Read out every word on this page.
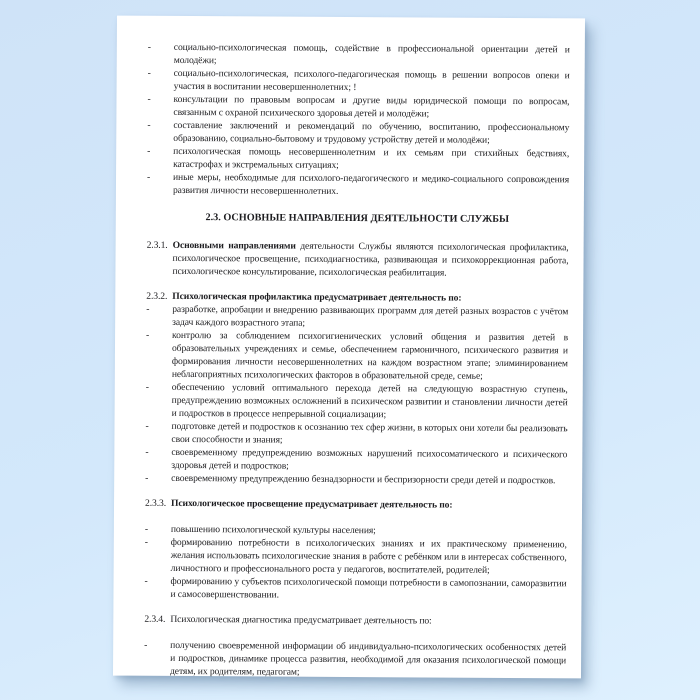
- социально-психологическая помощь, содействие в профессиональной ориентации детей и молодёжи;
- социально-психологическая, психолого-педагогическая помощь в решении вопросов опеки и участия в воспитании несовершеннолетних; !
- консультации по правовым вопросам и другие виды юридической помощи по вопросам, связанным с охраной психического здоровья детей и молодёжи;
- составление заключений и рекомендаций по обучению, воспитанию, профессиональному образованию, социально-бытовому и трудовому устройству детей и молодёжи;
- психологическая помощь несовершеннолетним и их семьям при стихийных бедствиях, катастрофах и экстремальных ситуациях;
- иные меры, необходимые для психолого-педагогического и медико-социального сопровождения развития личности несовершеннолетних.
2.3. ОСНОВНЫЕ НАПРАВЛЕНИЯ ДЕЯТЕЛЬНОСТИ СЛУЖБЫ
2.3.1. Основными направлениями деятельности Службы являются психологическая профилактика, психологическое просвещение, психодиагностика, развивающая и психокоррекционная работа, психологическое консультирование, психологическая реабилитация.
2.3.2. Психологическая профилактика предусматривает деятельность по:
- разработке, апробации и внедрению развивающих программ для детей разных возрастов с учётом задач каждого возрастного этапа;
- контролю за соблюдением психогигиенических условий общения и развития детей в образовательных учреждениях и семье, обеспечением гармоничного, психического развития и формирования личности несовершеннолетних на каждом возрастном этапе; элиминированием неблагоприятных психологических факторов в образовательной среде, семье;
- обеспечению условий оптимального перехода детей на следующую возрастную ступень, предупреждению возможных осложнений в психическом развитии и становлении личности детей и подростков в процессе непрерывной социализации;
- подготовке детей и подростков к осознанию тех сфер жизни, в которых они хотели бы реализовать свои способности и знания;
- своевременному предупреждению возможных нарушений психосоматического и психического здоровья детей и подростков;
- своевременному предупреждению безнадзорности и беспризорности среди детей и подростков.
2.3.3. Психологическое просвещение предусматривает деятельность по:
- повышению психологической культуры населения;
- формированию потребности в психологических знаниях и их практическому применению, желания использовать психологические знания в работе с ребёнком или в интересах собственного, личностного и профессионального роста у педагогов, воспитателей, родителей;
- формированию у субъектов психологической помощи потребности в самопознании, саморазвитии и самосовершенствовании.
2.3.4. Психологическая диагностика предусматривает деятельность по:
- получению своевременной информации об индивидуально-психологических особенностях детей и подростков, динамике процесса развития, необходимой для оказания психологической помощи детям, их родителям, педагогам;
